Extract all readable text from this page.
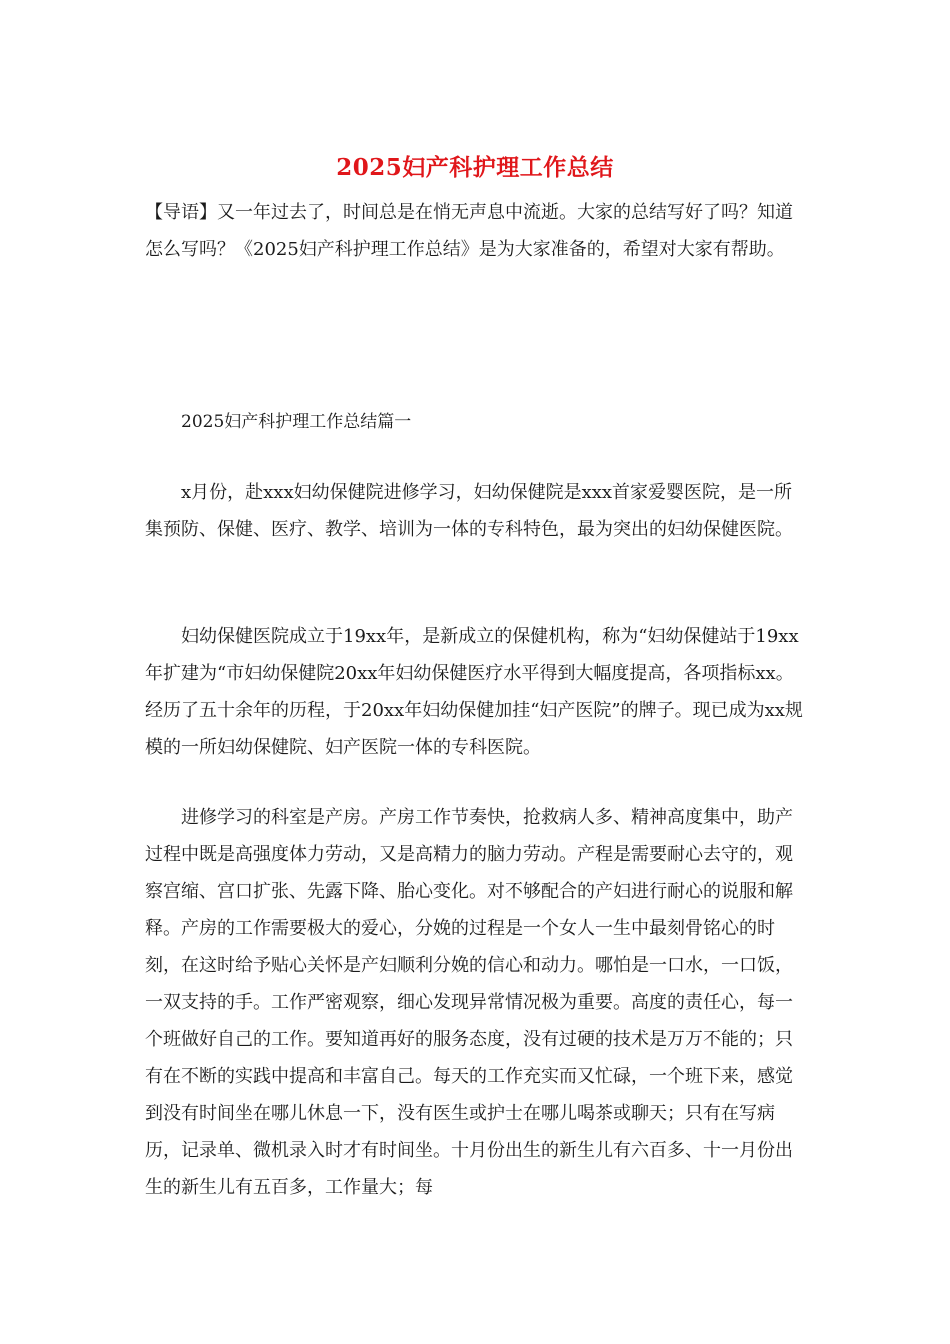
2025妇产科护理工作总结

【导语】又一年过去了，时间总是在悄无声息中流逝。大家的总结写好了吗？知道怎么写吗？《2025妇产科护理工作总结》是为大家准备的，希望对大家有帮助。

2025妇产科护理工作总结篇一

x月份，赴xxx妇幼保健院进修学习，妇幼保健院是xxx首家爱婴医院，是一所集预防、保健、医疗、教学、培训为一体的专科特色，最为突出的妇幼保健医院。

妇幼保健医院成立于19xx年，是新成立的保健机构，称为“妇幼保健站于19xx年扩建为“市妇幼保健院20xx年妇幼保健医疗水平得到大幅度提高，各项指标xx。经历了五十余年的历程，于20xx年妇幼保健加挂“妇产医院”的牌子。现已成为xx规模的一所妇幼保健院、妇产医院一体的专科医院。

进修学习的科室是产房。产房工作节奏快，抢救病人多、精神高度集中，助产过程中既是高强度体力劳动，又是高精力的脑力劳动。产程是需要耐心去守的，观察宫缩、宫口扩张、先露下降、胎心变化。对不够配合的产妇进行耐心的说服和解释。产房的工作需要极大的爱心，分娩的过程是一个女人一生中最刻骨铭心的时刻，在这时给予贴心关怀是产妇顺利分娩的信心和动力。哪怕是一口水，一口饭，一双支持的手。工作严密观察，细心发现异常情况极为重要。高度的责任心，每一个班做好自己的工作。要知道再好的服务态度，没有过硬的技术是万万不能的；只有在不断的实践中提高和丰富自己。每天的工作充实而又忙碌，一个班下来，感觉到没有时间坐在哪儿休息一下，没有医生或护士在哪儿喝茶或聊天；只有在写病历，记录单、微机录入时才有时间坐。十月份出生的新生儿有六百多、十一月份出生的新生儿有五百多，工作量大；每
